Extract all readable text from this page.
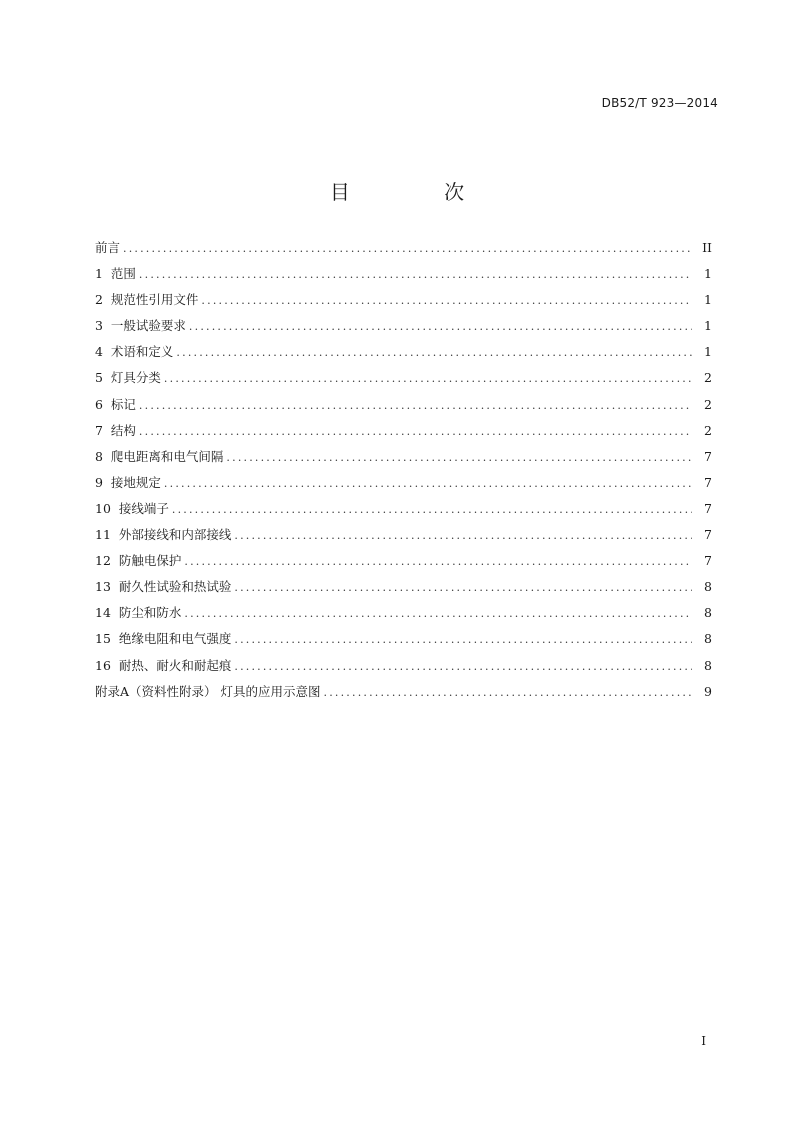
DB52/T 923—2014
目 次
前言 .....	II
1 范围 .....	1
2 规范性引用文件 .....	1
3 一般试验要求 .....	1
4 术语和定义 .....	1
5 灯具分类 .....	2
6 标记 .....	2
7 结构 .....	2
8 爬电距离和电气间隔 .....	7
9 接地规定 .....	7
10 接线端子 .....	7
11 外部接线和内部接线 .....	7
12 防触电保护 .....	7
13 耐久性试验和热试验 .....	8
14 防尘和防水 .....	8
15 绝缘电阻和电气强度 .....	8
16 耐热、耐火和耐起痕 .....	8
附录A（资料性附录） 灯具的应用示意图 .....	9
I
